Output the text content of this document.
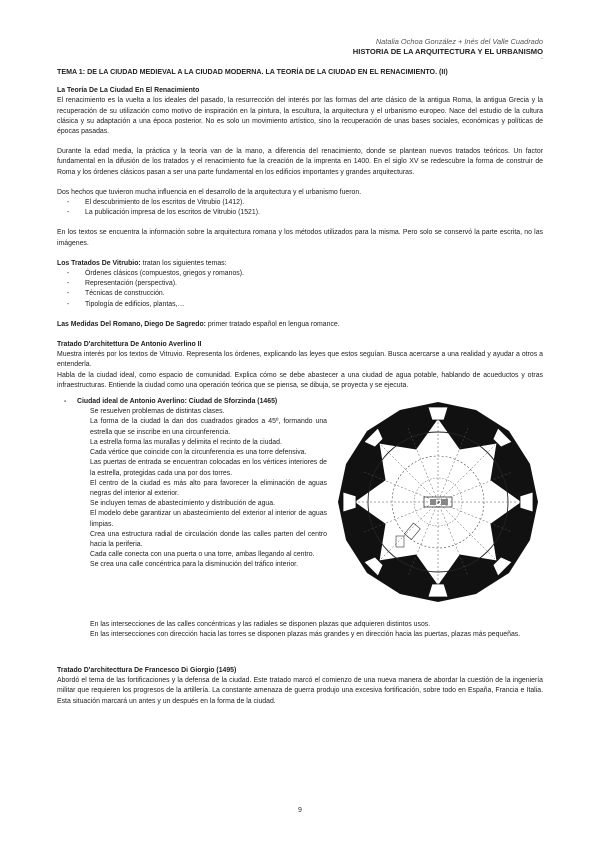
Natalia Ochoa González + Inés del Valle Cuadrado
HISTORIA DE LA ARQUITECTURA Y EL URBANISMO
-

TEMA 1: DE LA CIUDAD MEDIEVAL A LA CIUDAD MODERNA. LA TEORÍA DE LA CIUDAD EN EL RENACIMIENTO. (II)

La Teoría De La Ciudad En El Renacimiento

El renacimiento es la vuelta a los ideales del pasado, la resurrección del interés por las formas del arte clásico de la antigua Roma, la antigua Grecia y la recuperación de su utilización como motivo de inspiración en la pintura, la escultura, la arquitectura y el urbanismo europeo. Nace del estudio de la cultura clásica y su adaptación a una época posterior. No es solo un movimiento artístico, sino la recuperación de unas bases sociales, económicas y políticas de épocas pasadas.

Durante la edad media, la práctica y la teoría van de la mano, a diferencia del renacimiento, donde se plantean nuevos tratados teóricos. Un factor fundamental en la difusión de los tratados y el renacimiento fue la creación de la imprenta en 1400. En el siglo XV se redescubre la forma de construir de Roma y los órdenes clásicos pasan a ser una parte fundamental en los edificios importantes y grandes arquitecturas.

Dos hechos que tuvieron mucha influencia en el desarrollo de la arquitectura y el urbanismo fueron.

- El descubrimiento de los escritos de Vitrubio (1412).
- La publicación impresa de los escritos de Vitrubio (1521).

En los textos se encuentra la información sobre la arquitectura romana y los métodos utilizados para la misma. Pero solo se conservó la parte escrita, no las imágenes.

Los Tratados De Vitrubio: tratan los siguientes temas:

- Órdenes clásicos (compuestos, griegos y romanos).
- Representación (perspectiva).
- Técnicas de construcción.
- Tipología de edificios, plantas,…

Las Medidas Del Romano, Diego De Sagredo: primer tratado español en lengua romance.

Tratado D'architettura De Antonio Averlino II

Muestra interés por los textos de Vitruvio. Representa los órdenes, explicando las leyes que estos seguían. Busca acercarse a una realidad y ayudar a otros a entenderla.

Habla de la ciudad ideal, como espacio de comunidad. Explica cómo se debe abastecer a una ciudad de agua potable, hablando de acueductos y otras infraestructuras. Entiende la ciudad como una operación teórica que se piensa, se dibuja, se proyecta y se ejecuta.

- Ciudad ideal de Antonio Averlino: Ciudad de Sforzinda (1465)

Se resuelven problemas de distintas clases.

La forma de la ciudad la dan dos cuadrados girados a 45º, formando una estrella que se inscribe en una circunferencia.

La estrella forma las murallas y delimita el recinto de la ciudad.

Cada vértice que coincide con la circunferencia es una torre defensiva.

Las puertas de entrada se encuentran colocadas en los vértices interiores de la estrella, protegidas cada una por dos torres.

El centro de la ciudad es más alto para favorecer la eliminación de aguas negras del interior al exterior.

Se incluyen temas de abastecimiento y distribución de agua.

El modelo debe garantizar un abastecimiento del exterior al interior de aguas limpias.

Crea una estructura radial de circulación donde las calles parten del centro hacia la periferia.

Cada calle conecta con una puerta o una torre, ambas llegando al centro.

Se crea una calle concéntrica para la disminución del tráfico interior.

F
F
F
F

En las intersecciones de las calles concéntricas y las radiales se disponen plazas que adquieren distintos usos.

En las intersecciones con dirección hacia las torres se disponen plazas más grandes y en dirección hacia las puertas, plazas más pequeñas.

Tratado D'architecttura De Francesco Di Giorgio (1495)

Abordó el tema de las fortificaciones y la defensa de la ciudad. Este tratado marcó el comienzo de una nueva manera de abordar la cuestión de la ingeniería militar que requieren los progresos de la artillería. La constante amenaza de guerra produjo una excesiva fortificación, sobre todo en España, Francia e Italia. Esta situación marcará un antes y un después en la forma de la ciudad.

9
